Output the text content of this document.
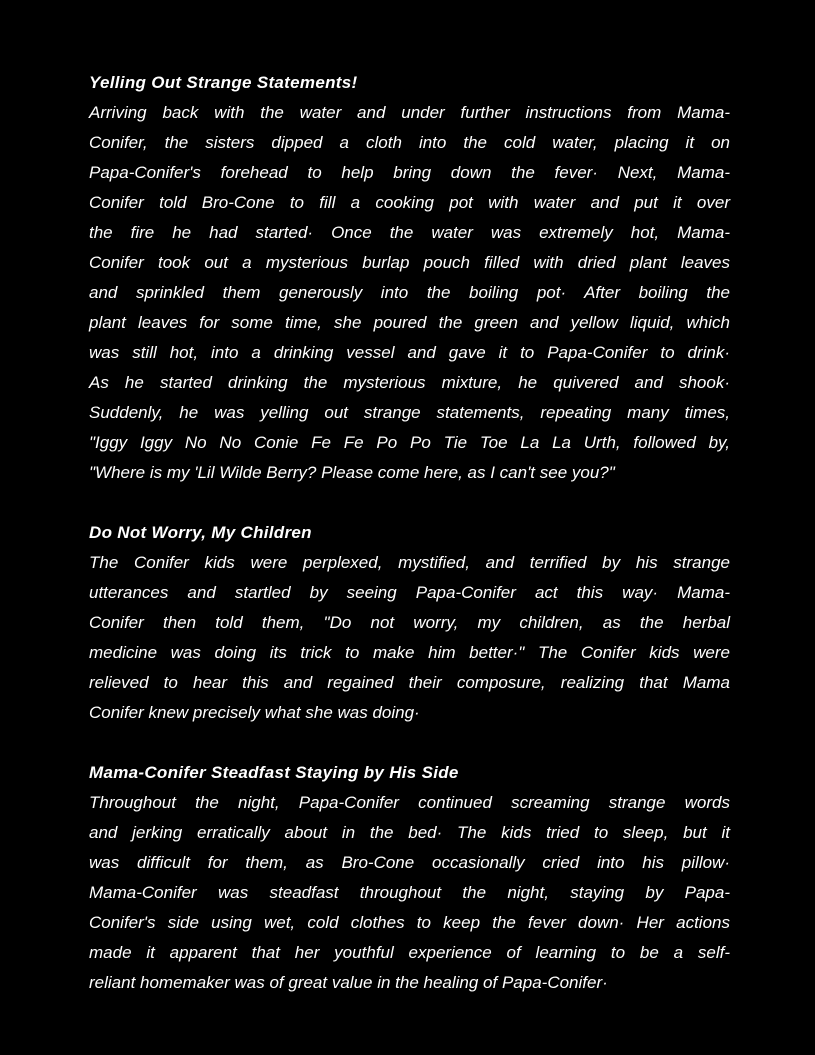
Yelling Out Strange Statements!
Arriving back with the water and under further instructions from Mama-
Conifer, the sisters dipped a cloth into the cold water, placing it on
Papa-Conifer's forehead to help bring down the fever· Next, Mama-
Conifer told Bro-Cone to fill a cooking pot with water and put it over
the fire he had started· Once the water was extremely hot, Mama-
Conifer took out a mysterious burlap pouch filled with dried plant leaves
and sprinkled them generously into the boiling pot· After boiling the
plant leaves for some time, she poured the green and yellow liquid, which
was still hot, into a drinking vessel and gave it to Papa-Conifer to drink·
As he started drinking the mysterious mixture, he quivered and shook·
Suddenly, he was yelling out strange statements, repeating many times,
"Iggy Iggy No No Conie Fe Fe Po Po Tie Toe La La Urth, followed by,
"Where is my 'Lil Wilde Berry? Please come here, as I can't see you?"
Do Not Worry, My Children
The Conifer kids were perplexed, mystified, and terrified by his strange
utterances and startled by seeing Papa-Conifer act this way· Mama-
Conifer then told them, "Do not worry, my children, as the herbal
medicine was doing its trick to make him better·" The Conifer kids were
relieved to hear this and regained their composure, realizing that Mama
Conifer knew precisely what she was doing·
Mama-Conifer Steadfast Staying by His Side
Throughout the night, Papa-Conifer continued screaming strange words
and jerking erratically about in the bed· The kids tried to sleep, but it
was difficult for them, as Bro-Cone occasionally cried into his pillow·
Mama-Conifer was steadfast throughout the night, staying by Papa-
Conifer's side using wet, cold clothes to keep the fever down· Her actions
made it apparent that her youthful experience of learning to be a self-
reliant homemaker was of great value in the healing of Papa-Conifer·
